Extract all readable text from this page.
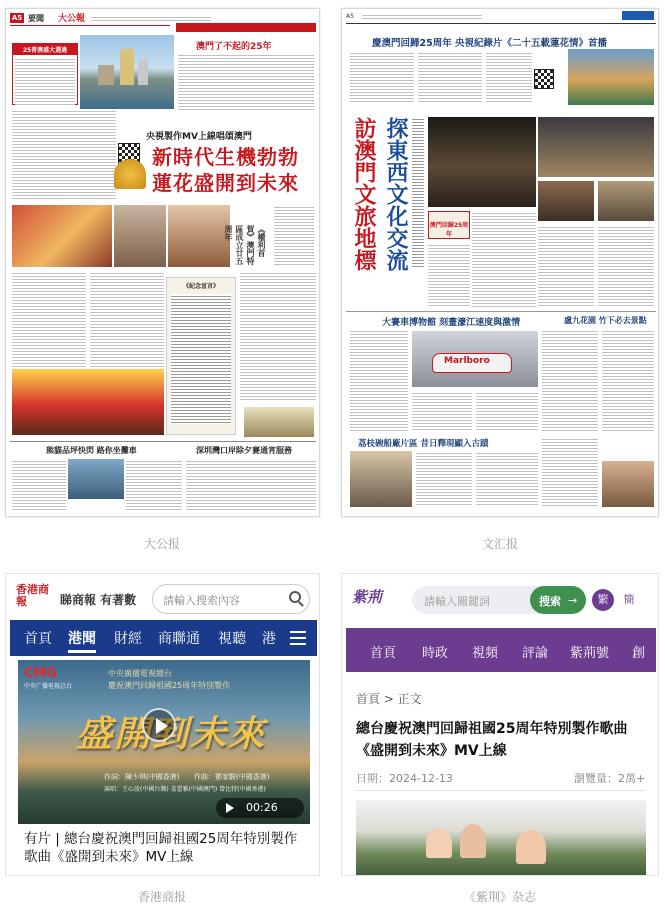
A5 要聞 大公報
25普澳盛大選過	澳門了不起的25年
央視製作MV上線唱頌澳門
新時代生機勃勃
蓮花盛開到未來
《權利首賀》澳門特區成立廿五周年
《紀念宣言》
熊貓品坪快閃 路你坐攤車	深圳灣口岸除夕賽通宵服務
大公报
A5
慶澳門回歸25周年 央視紀錄片《二十五載蓮花情》首播
訪澳門文旅地標 探東西文化交流	澳門回歸25周年
大賽車博物館 刻畫濠江速度與激情	盧九花園 竹下必去景點
Marlboro
荔枝碗船廠片區 昔日釋現顯入古蹟
文汇报
香港商報	睇商報 有著數 請輸入搜索內容
首頁 港聞 財經 商聯通 視聽 港
CMG
中央广播电视总台
中央廣播電視總台
慶祝澳門回歸祖國25周年特別製作
盛開到未來
作詞：陳少琪(中國香港) 作曲：鄧家駿(中國香港)
演唱：王心淩(中國台灣) 姜蕾雅(中國澳門) 曾比特(中國香港)
00:26
有片 | 總台慶祝澳門回歸祖國25周年特別製作歌曲《盛開到未來》MV上線
香港商报
紫荊	請輸入關鍵詞	搜索 →	繁	簡
首頁 時政 視頻 評論 紫荊號 創
首頁 > 正文
總台慶祝澳門回歸祖國25周年特別製作歌曲《盛開到未來》MV上線
日期：2024-12-13	瀏覽量：2萬+
《紫荆》杂志
